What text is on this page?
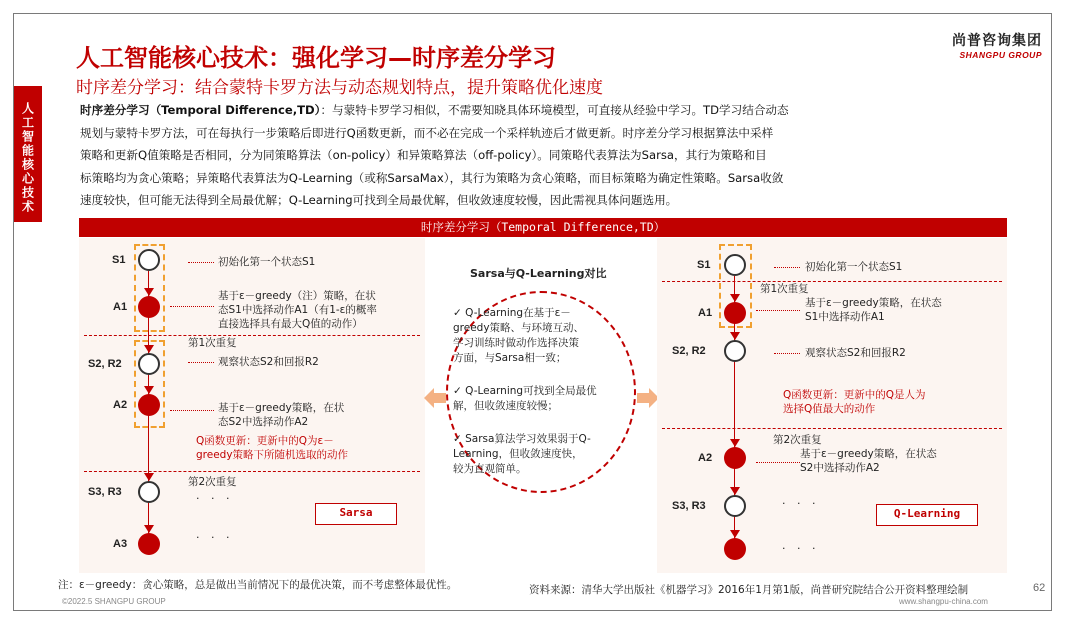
人工智能核心技术
人工智能核心技术：强化学习—时序差分学习
时序差分学习：结合蒙特卡罗方法与动态规划特点，提升策略优化速度
尚普咨询集团
SHANGPU GROUP
时序差分学习（Temporal Difference,TD）：与蒙特卡罗学习相似，不需要知晓具体环境模型，可直接从经验中学习。TD学习结合动态
规划与蒙特卡罗方法，可在每执行一步策略后即进行Q函数更新，而不必在完成一个采样轨迹后才做更新。时序差分学习根据算法中采样
策略和更新Q值策略是否相同，分为同策略算法（on-policy）和异策略算法（off-policy）。同策略代表算法为Sarsa，其行为策略和目
标策略均为贪心策略；异策略代表算法为Q-Learning（或称SarsaMax），其行为策略为贪心策略，而目标策略为确定性策略。Sarsa收敛
速度较快，但可能无法得到全局最优解；Q-Learning可找到全局最优解，但收敛速度较慢，因此需视具体问题选用。
时序差分学习（Temporal Difference,TD）
S1
A1
S2, R2
A2
S3, R3
A3
初始化第一个状态S1
基于ε－greedy（注）策略，在状
态S1中选择动作A1（有1-ε的概率
直接选择具有最大Q值的动作）
第1次重复
观察状态S2和回报R2
基于ε－greedy策略，在状
态S2中选择动作A2
Q函数更新：更新中的Q为ε－
greedy策略下所随机选取的动作
第2次重复
· · ·
· · ·
Sarsa
Sarsa与Q-Learning对比
✓ Q-Learning在基于ε－
greedy策略、与环境互动、
学习训练时做动作选择决策
方面，与Sarsa相一致；
✓ Q-Learning可找到全局最优
解，但收敛速度较慢；
✓ Sarsa算法学习效果弱于Q-
Learning，但收敛速度快，
较为直观简单。
S1
A1
S2, R2
A2
S3, R3
初始化第一个状态S1
第1次重复
基于ε－greedy策略，在状态
S1中选择动作A1
观察状态S2和回报R2
Q函数更新：更新中的Q是人为
选择Q值最大的动作
第2次重复
基于ε－greedy策略，在状态
S2中选择动作A2
· · ·
· · ·
Q-Learning
注：ε－greedy：贪心策略，总是做出当前情况下的最优决策，而不考虑整体最优性。	资料来源：清华大学出版社《机器学习》2016年1月第1版，尚普研究院结合公开资料整理绘制	62
©2022.5 SHANGPU GROUP	www.shangpu-china.com
